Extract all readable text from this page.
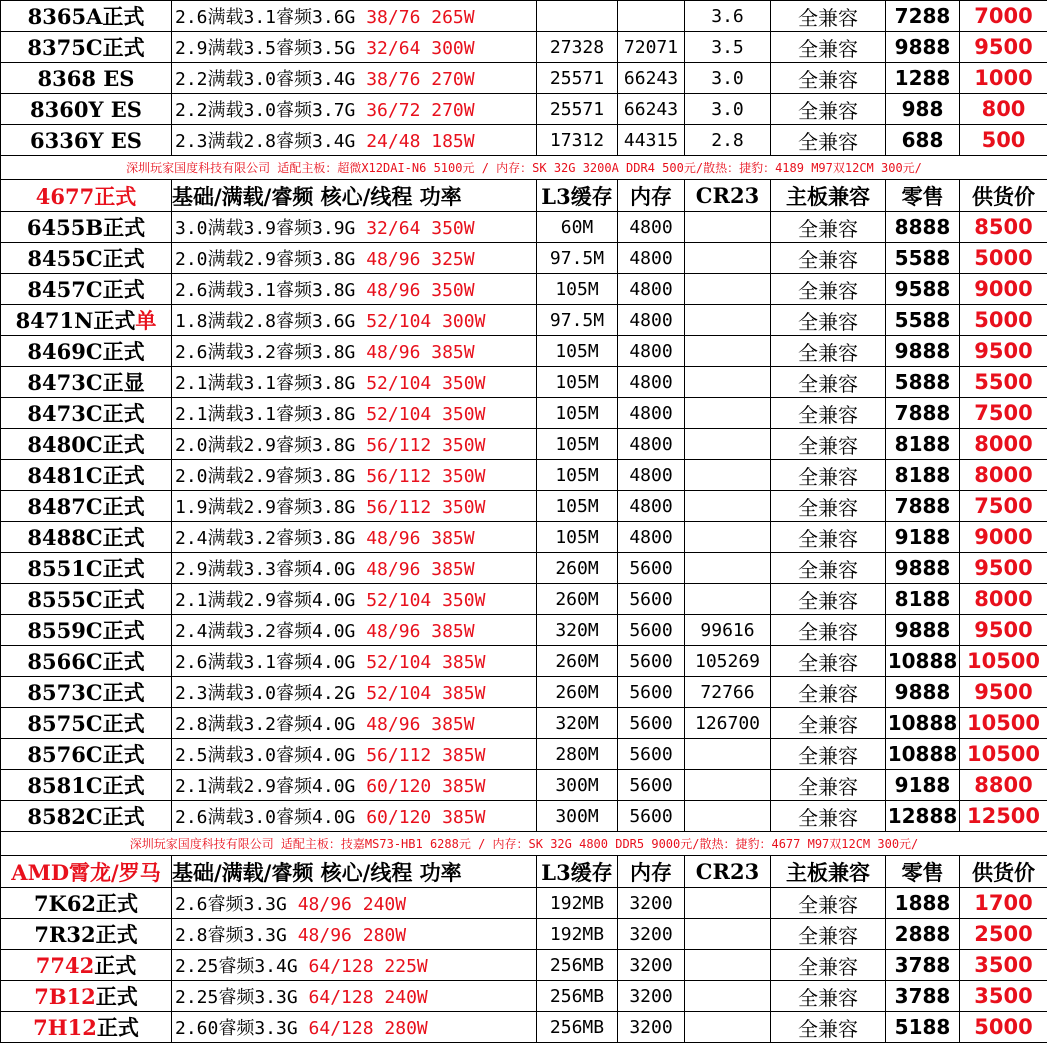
8365A正式	2.6满载3.1睿频3.6G 38/76 265W			3.6	全兼容	7288	7000
8375C正式	2.9满载3.5睿频3.5G 32/64 300W	27328	72071	3.5	全兼容	9888	9500
8368 ES	2.2满载3.0睿频3.4G 38/76 270W	25571	66243	3.0	全兼容	1288	1000
8360Y ES	2.2满载3.0睿频3.7G 36/72 270W	25571	66243	3.0	全兼容	988	800
6336Y ES	2.3满载2.8睿频3.4G 24/48 185W	17312	44315	2.8	全兼容	688	500
深圳玩家国度科技有限公司 适配主板：超微X12DAI-N6 5100元 / 内存：SK 32G 3200A DDR4 500元/散热：捷豹：4189 M97双12CM 300元/							
4677正式	基础/满载/睿频 核心/线程 功率	L3缓存	内存	CR23	主板兼容	零售	供货价
6455B正式	3.0满载3.9睿频3.9G 32/64 350W	60M	4800		全兼容	8888	8500
8455C正式	2.0满载2.9睿频3.8G 48/96 325W	97.5M	4800		全兼容	5588	5000
8457C正式	2.6满载3.1睿频3.8G 48/96 350W	105M	4800		全兼容	9588	9000
8471N正式单	1.8满载2.8睿频3.6G 52/104 300W	97.5M	4800		全兼容	5588	5000
8469C正式	2.6满载3.2睿频3.8G 48/96 385W	105M	4800		全兼容	9888	9500
8473C正显	2.1满载3.1睿频3.8G 52/104 350W	105M	4800		全兼容	5888	5500
8473C正式	2.1满载3.1睿频3.8G 52/104 350W	105M	4800		全兼容	7888	7500
8480C正式	2.0满载2.9睿频3.8G 56/112 350W	105M	4800		全兼容	8188	8000
8481C正式	2.0满载2.9睿频3.8G 56/112 350W	105M	4800		全兼容	8188	8000
8487C正式	1.9满载2.9睿频3.8G 56/112 350W	105M	4800		全兼容	7888	7500
8488C正式	2.4满载3.2睿频3.8G 48/96 385W	105M	4800		全兼容	9188	9000
8551C正式	2.9满载3.3睿频4.0G 48/96 385W	260M	5600		全兼容	9888	9500
8555C正式	2.1满载2.9睿频4.0G 52/104 350W	260M	5600		全兼容	8188	8000
8559C正式	2.4满载3.2睿频4.0G 48/96 385W	320M	5600	99616	全兼容	9888	9500
8566C正式	2.6满载3.1睿频4.0G 52/104 385W	260M	5600	105269	全兼容	10888	10500
8573C正式	2.3满载3.0睿频4.2G 52/104 385W	260M	5600	72766	全兼容	9888	9500
8575C正式	2.8满载3.2睿频4.0G 48/96 385W	320M	5600	126700	全兼容	10888	10500
8576C正式	2.5满载3.0睿频4.0G 56/112 385W	280M	5600		全兼容	10888	10500
8581C正式	2.1满载2.9睿频4.0G 60/120 385W	300M	5600		全兼容	9188	8800
8582C正式	2.6满载3.0睿频4.0G 60/120 385W	300M	5600		全兼容	12888	12500
深圳玩家国度科技有限公司 适配主板：技嘉MS73-HB1 6288元 / 内存：SK 32G 4800 DDR5 9000元/散热：捷豹：4677 M97双12CM 300元/							
AMD霄龙/罗马	基础/满载/睿频 核心/线程 功率	L3缓存	内存	CR23	主板兼容	零售	供货价
7K62正式	2.6睿频3.3G 48/96 240W	192MB	3200		全兼容	1888	1700
7R32正式	2.8睿频3.3G 48/96 280W	192MB	3200		全兼容	2888	2500
7742正式	2.25睿频3.4G 64/128 225W	256MB	3200		全兼容	3788	3500
7B12正式	2.25睿频3.3G 64/128 240W	256MB	3200		全兼容	3788	3500
7H12正式	2.60睿频3.3G 64/128 280W	256MB	3200		全兼容	5188	5000
